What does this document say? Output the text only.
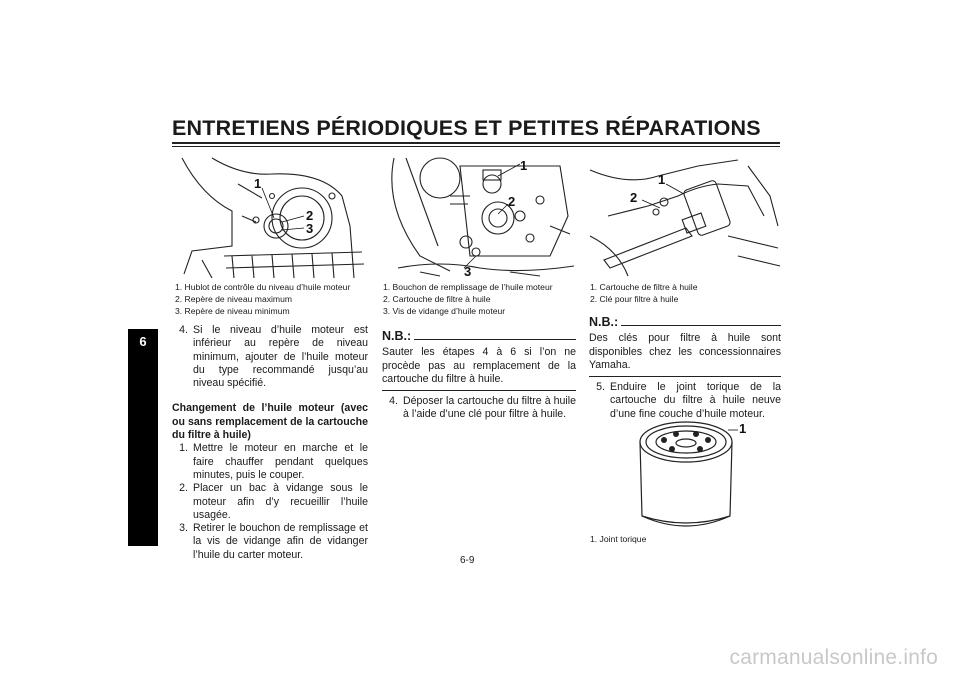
ENTRETIENS PÉRIODIQUES ET PETITES RÉPARATIONS
6
1
2
3
1. Hublot de contrôle du niveau d’huile moteur
2. Repère de niveau maximum
3. Repère de niveau minimum
4. Si le niveau d’huile moteur est inférieur au repère de niveau minimum, ajouter de l’huile moteur du type recommandé jusqu’au niveau spécifié.
Changement de l’huile moteur (avec ou sans remplacement de la cartouche du filtre à huile)
1. Mettre le moteur en marche et le faire chauffer pendant quelques minutes, puis le couper.
2. Placer un bac à vidange sous le moteur afin d’y recueillir l’huile usagée.
3. Retirer le bouchon de remplissage et la vis de vidange afin de vidanger l’huile du carter moteur.
1
2
3
1. Bouchon de remplissage de l’huile moteur
2. Cartouche de filtre à huile
3. Vis de vidange d’huile moteur
N.B.:
Sauter les étapes 4 à 6 si l’on ne procède pas au remplacement de la cartouche du filtre à huile.
4. Déposer la cartouche du filtre à huile à l’aide d’une clé pour filtre à huile.
1
2
1. Cartouche de filtre à huile
2. Clé pour filtre à huile
N.B.:
Des clés pour filtre à huile sont disponibles chez les concessionnaires Yamaha.
5. Enduire le joint torique de la cartouche du filtre à huile neuve d’une fine couche d’huile moteur.
1
1. Joint torique
6-9
carmanualsonline.info
